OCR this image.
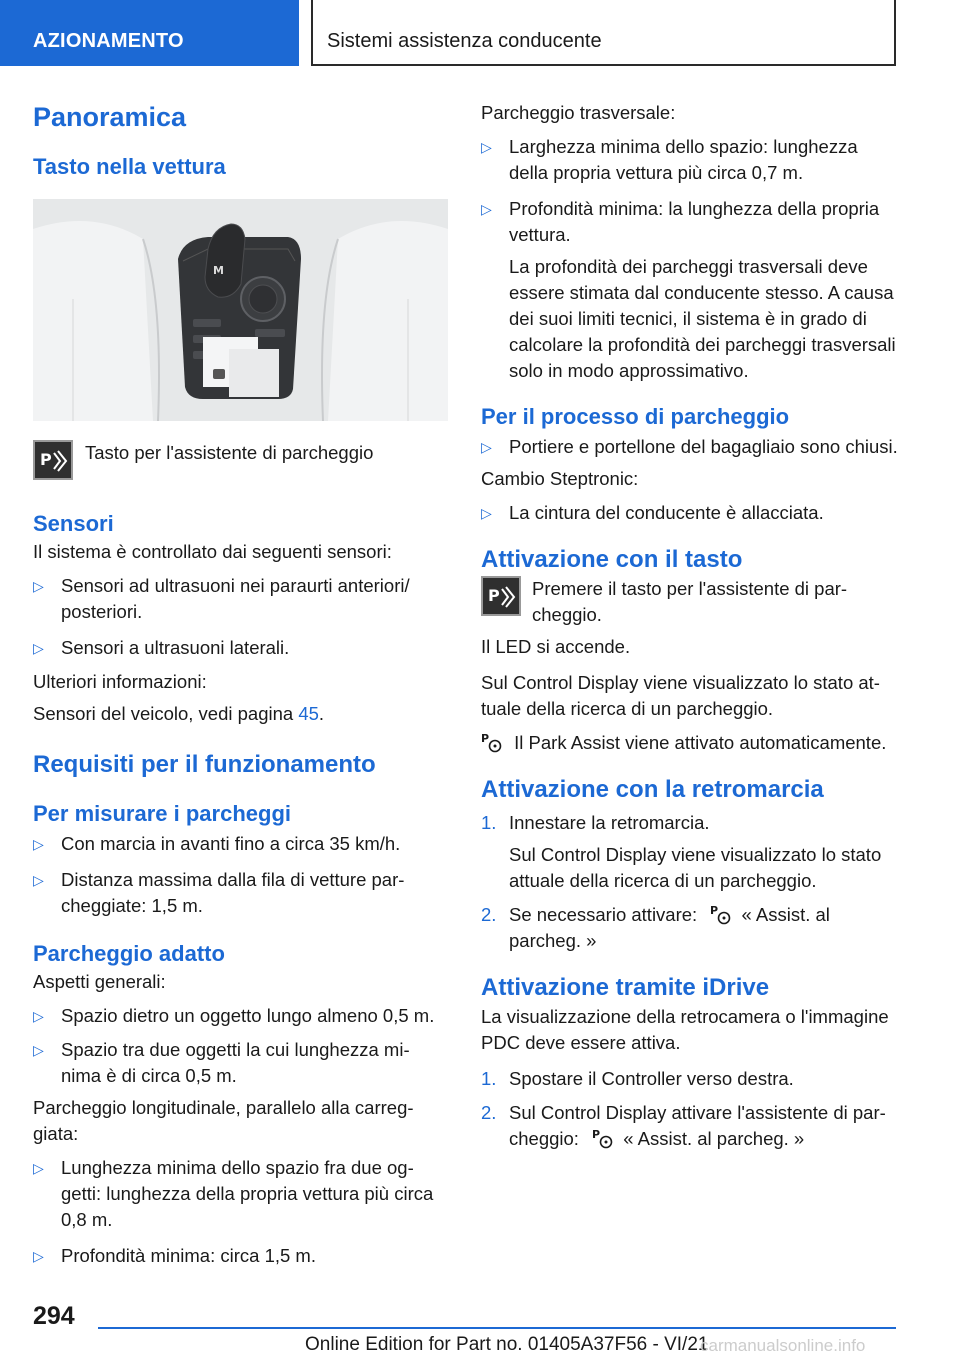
AZIONAMENTO	Sistemi assistenza conducente
Panoramica
Tasto nella vettura
M
P Tasto per l'assistente di parcheggio
Sensori

Il sistema è controllato dai seguenti sensori:

▷ Sensori ad ultrasuoni nei paraurti anteriori/ posteriori.
▷ Sensori a ultrasuoni laterali.

Ulteriori informazioni:

Sensori del veicolo, vedi pagina 45.

Requisiti per il funzionamento
Per misurare i parcheggi
▷ Con marcia in avanti fino a circa 35 km/h.
▷ Distanza massima dalla fila di vetture par- cheggiate: 1,5 m.
Parcheggio adatto

Aspetti generali:

▷ Spazio dietro un oggetto lungo almeno 0,5 m.
▷ Spazio tra due oggetti la cui lunghezza mi- nima è di circa 0,5 m.

Parcheggio longitudinale, parallelo alla carreg- giata:

▷ Lunghezza minima dello spazio fra due og- getti: lunghezza della propria vettura più circa 0,8 m.
▷ Profondità minima: circa 1,5 m.

Parcheggio trasversale:

▷ Larghezza minima dello spazio: lunghezza della propria vettura più circa 0,7 m.
▷ Profondità minima: la lunghezza della propria vettura.
La profondità dei parcheggi trasversali deve essere stimata dal conducente stesso. A causa dei suoi limiti tecnici, il sistema è in grado di calcolare la profondità dei parcheggi trasversali solo in modo approssimativo.
Per il processo di parcheggio
▷ Portiere e portellone del bagagliaio sono chiusi.

Cambio Steptronic:

▷ La cintura del conducente è allacciata.
Attivazione con il tasto
P Premere il tasto per l'assistente di par- cheggio.

Il LED si accende.

Sul Control Display viene visualizzato lo stato at- tuale della ricerca di un parcheggio.

P Il Park Assist viene attivato automaticamente.

Attivazione con la retromarcia
1. Innestare la retromarcia.
Sul Control Display viene visualizzato lo stato attuale della ricerca di un parcheggio.
2. Se necessario attivare: P « Assist. al parcheg. »
Attivazione tramite iDrive

La visualizzazione della retrocamera o l'immagine PDC deve essere attiva.

1. Spostare il Controller verso destra.
2. Sul Control Display attivare l'assistente di par- cheggio: P « Assist. al parcheg. »
294
Online Edition for Part no. 01405A37F56 - VI/21
carmanualsonline.info
